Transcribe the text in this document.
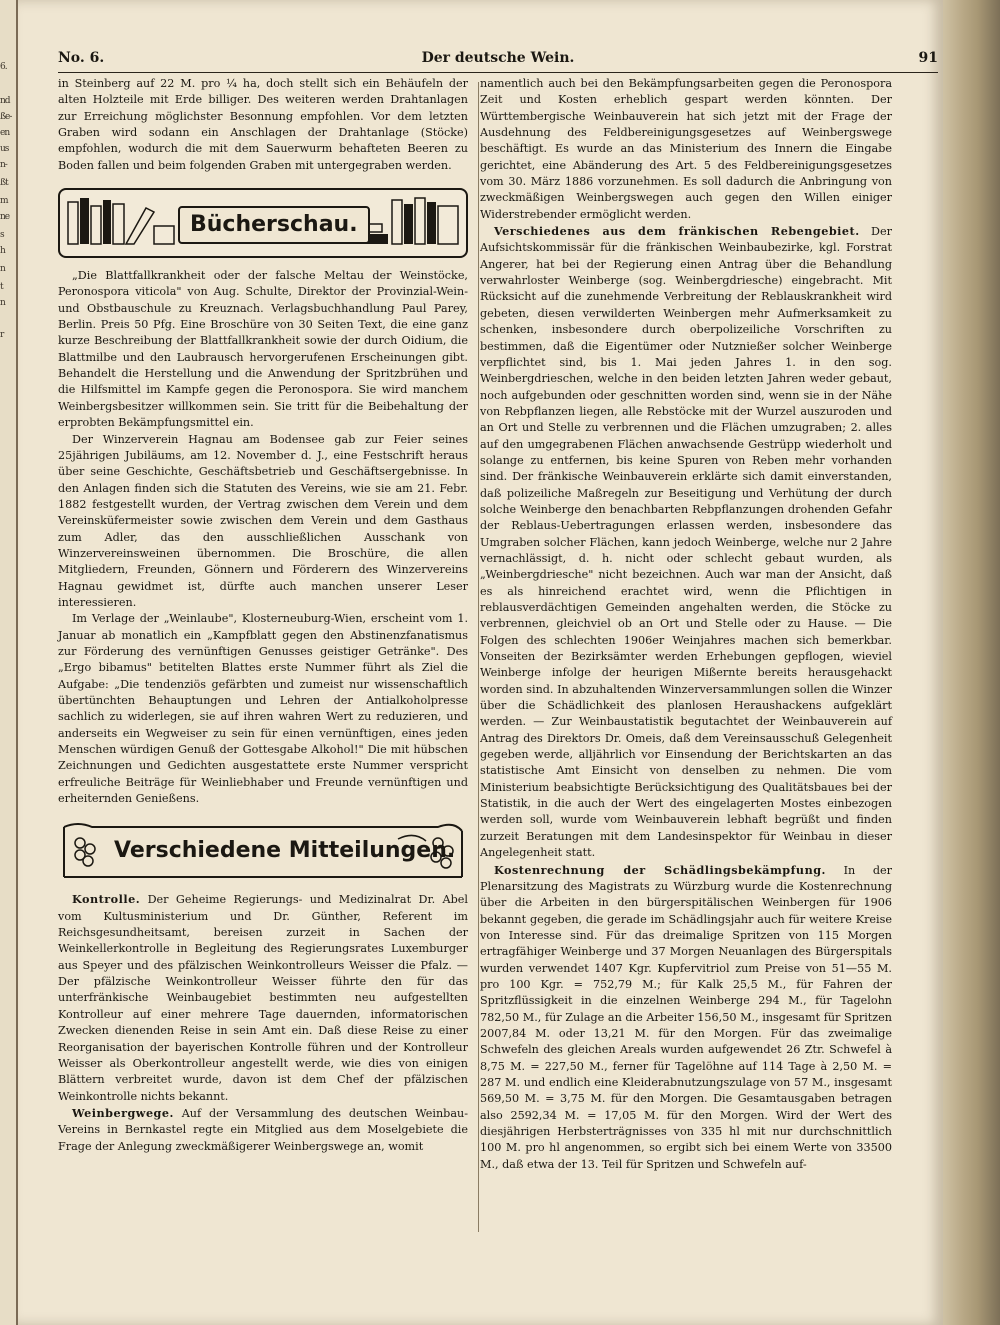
6.
nd
ße-
en
us
n-
ßt
m
ne
s
h
n
t
n
r
No. 6.	Der deutsche Wein.	91

in Steinberg auf 22 M. pro ¼ ha, doch stellt sich ein Behäufeln der alten Holzteile mit Erde billiger. Des weiteren werden Drahtanlagen zur Erreichung möglichster Besonnung empfohlen. Vor dem letzten Graben wird sodann ein Anschlagen der Drahtanlage (Stöcke) empfohlen, wodurch die mit dem Sauerwurm behafteten Beeren zu Boden fallen und beim folgenden Graben mit untergegraben werden.

Bücherschau.

„Die Blattfallkrankheit oder der falsche Meltau der Weinstöcke, Peronospora viticola" von Aug. Schulte, Direktor der Provinzial-Wein- und Obstbauschule zu Kreuznach. Verlagsbuchhandlung Paul Parey, Berlin. Preis 50 Pfg. Eine Broschüre von 30 Seiten Text, die eine ganz kurze Beschreibung der Blattfallkrankheit sowie der durch Oidium, die Blattmilbe und den Laubrausch hervorgerufenen Erscheinungen gibt. Behandelt die Herstellung und die Anwendung der Spritzbrühen und die Hilfsmittel im Kampfe gegen die Peronospora. Sie wird manchem Weinbergsbesitzer willkommen sein. Sie tritt für die Beibehaltung der erprobten Bekämpfungsmittel ein.

Der Winzerverein Hagnau am Bodensee gab zur Feier seines 25jährigen Jubiläums, am 12. November d. J., eine Festschrift heraus über seine Geschichte, Geschäftsbetrieb und Geschäftsergebnisse. In den Anlagen finden sich die Statuten des Vereins, wie sie am 21. Febr. 1882 festgestellt wurden, der Vertrag zwischen dem Verein und dem Vereinsküfermeister sowie zwischen dem Verein und dem Gasthaus zum Adler, das den ausschließlichen Ausschank von Winzervereinsweinen übernommen. Die Broschüre, die allen Mitgliedern, Freunden, Gönnern und Förderern des Winzervereins Hagnau gewidmet ist, dürfte auch manchen unserer Leser interessieren.

Im Verlage der „Weinlaube", Klosterneuburg-Wien, erscheint vom 1. Januar ab monatlich ein „Kampfblatt gegen den Abstinenzfanatismus zur Förderung des vernünftigen Genusses geistiger Getränke". Des „Ergo bibamus" betitelten Blattes erste Nummer führt als Ziel die Aufgabe: „Die tendenziös gefärbten und zumeist nur wissenschaftlich übertünchten Behauptungen und Lehren der Antialkoholpresse sachlich zu widerlegen, sie auf ihren wahren Wert zu reduzieren, und anderseits ein Wegweiser zu sein für einen vernünftigen, eines jeden Menschen würdigen Genuß der Gottesgabe Alkohol!" Die mit hübschen Zeichnungen und Gedichten ausgestattete erste Nummer verspricht erfreuliche Beiträge für Weinliebhaber und Freunde vernünftigen und erheiternden Genießens.

Verschiedene Mitteilungen.

Kontrolle. Der Geheime Regierungs- und Medizinalrat Dr. Abel vom Kultusministerium und Dr. Günther, Referent im Reichsgesundheitsamt, bereisen zurzeit in Sachen der Weinkellerkontrolle in Begleitung des Regierungsrates Luxemburger aus Speyer und des pfälzischen Weinkontrolleurs Weisser die Pfalz. — Der pfälzische Weinkontrolleur Weisser führte den für das unterfränkische Weinbaugebiet bestimmten neu aufgestellten Kontrolleur auf einer mehrere Tage dauernden, informatorischen Zwecken dienenden Reise in sein Amt ein. Daß diese Reise zu einer Reorganisation der bayerischen Kontrolle führen und der Kontrolleur Weisser als Oberkontrolleur angestellt werde, wie dies von einigen Blättern verbreitet wurde, davon ist dem Chef der pfälzischen Weinkontrolle nichts bekannt.

Weinbergwege. Auf der Versammlung des deutschen Weinbau-Vereins in Bernkastel regte ein Mitglied aus dem Moselgebiete die Frage der Anlegung zweckmäßigerer Weinbergswege an, womit

namentlich auch bei den Bekämpfungsarbeiten gegen die Peronospora Zeit und Kosten erheblich gespart werden könnten. Der Württembergische Weinbauverein hat sich jetzt mit der Frage der Ausdehnung des Feldbereinigungsgesetzes auf Weinbergswege beschäftigt. Es wurde an das Ministerium des Innern die Eingabe gerichtet, eine Abänderung des Art. 5 des Feldbereinigungsgesetzes vom 30. März 1886 vorzunehmen. Es soll dadurch die Anbringung von zweckmäßigen Weinbergswegen auch gegen den Willen einiger Widerstrebender ermöglicht werden.

Verschiedenes aus dem fränkischen Rebengebiet. Der Aufsichtskommissär für die fränkischen Weinbaubezirke, kgl. Forstrat Angerer, hat bei der Regierung einen Antrag über die Behandlung verwahrloster Weinberge (sog. Weinbergdriesche) eingebracht. Mit Rücksicht auf die zunehmende Verbreitung der Reblauskrankheit wird gebeten, diesen verwilderten Weinbergen mehr Aufmerksamkeit zu schenken, insbesondere durch oberpolizeiliche Vorschriften zu bestimmen, daß die Eigentümer oder Nutznießer solcher Weinberge verpflichtet sind, bis 1. Mai jeden Jahres 1. in den sog. Weinbergdrieschen, welche in den beiden letzten Jahren weder gebaut, noch aufgebunden oder geschnitten worden sind, wenn sie in der Nähe von Rebpflanzen liegen, alle Rebstöcke mit der Wurzel auszuroden und an Ort und Stelle zu verbrennen und die Flächen umzugraben; 2. alles auf den umgegrabenen Flächen anwachsende Gestrüpp wiederholt und solange zu entfernen, bis keine Spuren von Reben mehr vorhanden sind. Der fränkische Weinbauverein erklärte sich damit einverstanden, daß polizeiliche Maßregeln zur Beseitigung und Verhütung der durch solche Weinberge den benachbarten Rebpflanzungen drohenden Gefahr der Reblaus-Uebertragungen erlassen werden, insbesondere das Umgraben solcher Flächen, kann jedoch Weinberge, welche nur 2 Jahre vernachlässigt, d. h. nicht oder schlecht gebaut wurden, als „Weinbergdriesche" nicht bezeichnen. Auch war man der Ansicht, daß es als hinreichend erachtet wird, wenn die Pflichtigen in reblausverdächtigen Gemeinden angehalten werden, die Stöcke zu verbrennen, gleichviel ob an Ort und Stelle oder zu Hause. — Die Folgen des schlechten 1906er Weinjahres machen sich bemerkbar. Vonseiten der Bezirksämter werden Erhebungen gepflogen, wieviel Weinberge infolge der heurigen Mißernte bereits herausgehackt worden sind. In abzuhaltenden Winzerversammlungen sollen die Winzer über die Schädlichkeit des planlosen Heraushackens aufgeklärt werden. — Zur Weinbaustatistik begutachtet der Weinbauverein auf Antrag des Direktors Dr. Omeis, daß dem Vereinsausschuß Gelegenheit gegeben werde, alljährlich vor Einsendung der Berichtskarten an das statistische Amt Einsicht von denselben zu nehmen. Die vom Ministerium beabsichtigte Berücksichtigung des Qualitätsbaues bei der Statistik, in die auch der Wert des eingelagerten Mostes einbezogen werden soll, wurde vom Weinbauverein lebhaft begrüßt und finden zurzeit Beratungen mit dem Landesinspektor für Weinbau in dieser Angelegenheit statt.

Kostenrechnung der Schädlingsbekämpfung. In der Plenarsitzung des Magistrats zu Würzburg wurde die Kostenrechnung über die Arbeiten in den bürgerspitälischen Weinbergen für 1906 bekannt gegeben, die gerade im Schädlingsjahr auch für weitere Kreise von Interesse sind. Für das dreimalige Spritzen von 115 Morgen ertragfähiger Weinberge und 37 Morgen Neuanlagen des Bürgerspitals wurden verwendet 1407 Kgr. Kupfervitriol zum Preise von 51—55 M. pro 100 Kgr. = 752,79 M.; für Kalk 25,5 M., für Fahren der Spritzflüssigkeit in die einzelnen Weinberge 294 M., für Tagelohn 782,50 M., für Zulage an die Arbeiter 156,50 M., insgesamt für Spritzen 2007,84 M. oder 13,21 M. für den Morgen. Für das zweimalige Schwefeln des gleichen Areals wurden aufgewendet 26 Ztr. Schwefel à 8,75 M. = 227,50 M., ferner für Tagelöhne auf 114 Tage à 2,50 M. = 287 M. und endlich eine Kleiderabnutzungszulage von 57 M., insgesamt 569,50 M. = 3,75 M. für den Morgen. Die Gesamtausgaben betragen also 2592,34 M. = 17,05 M. für den Morgen. Wird der Wert des diesjährigen Herbsterträgnisses von 335 hl mit nur durchschnittlich 100 M. pro hl angenommen, so ergibt sich bei einem Werte von 33500 M., daß etwa der 13. Teil für Spritzen und Schwefeln auf-
